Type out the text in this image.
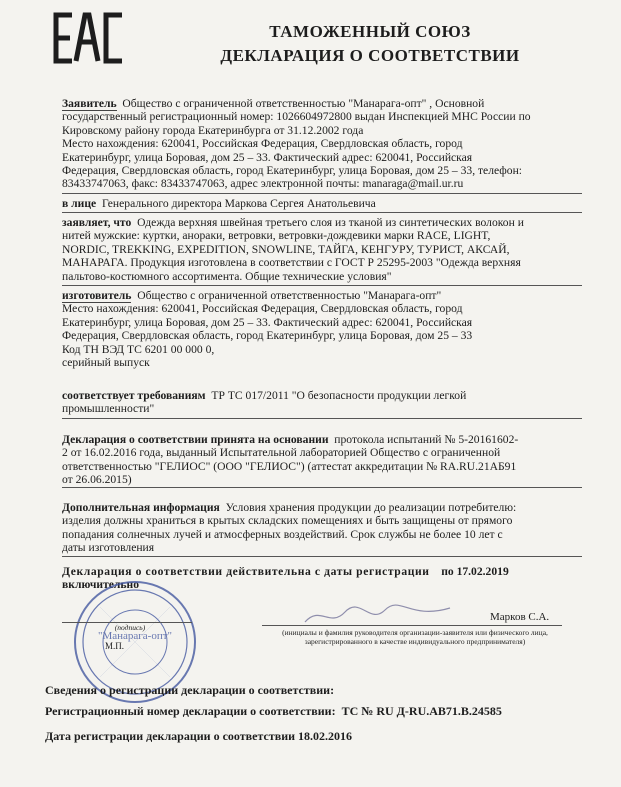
ТАМОЖЕННЫЙ СОЮЗ
ДЕКЛАРАЦИЯ О СООТВЕТСТВИИ
Заявитель Общество с ограниченной ответственностью "Манарага-опт" , Основной
государственный регистрационный номер: 1026604972800 выдан Инспекцией МНС России по
Кировскому району города Екатеринбурга от 31.12.2002 года
Место нахождения: 620041, Российская Федерация, Свердловская область, город
Екатеринбург, улица Боровая, дом 25 – 33. Фактический адрес: 620041, Российская
Федерация, Свердловская область, город Екатеринбург, улица Боровая, дом 25 – 33, телефон:
83433747063, факс: 83433747063, адрес электронной почты: manaraga@mail.ur.ru
в лице Генерального директора Маркова Сергея Анатольевича
заявляет, что Одежда верхняя швейная третьего слоя из тканой из синтетических волокон и
нитей мужские: куртки, анораки, ветровки, ветровки-дождевики марки RACE, LIGHT,
NORDIC, TREKKING, EXPEDITION, SNOWLINE, ТАЙГА, КЕНГУРУ, ТУРИСТ, АКСАЙ,
МАНАРАГА. Продукция изготовлена в соответствии с ГОСТ Р 25295-2003 "Одежда верхняя
пальтово-костюмного ассортимента. Общие технические условия"
изготовитель Общество с ограниченной ответственностью "Манарага-опт"
Место нахождения: 620041, Российская Федерация, Свердловская область, город
Екатеринбург, улица Боровая, дом 25 – 33. Фактический адрес: 620041, Российская
Федерация, Свердловская область, город Екатеринбург, улица Боровая, дом 25 – 33
Код ТН ВЭД ТС 6201 00 000 0,
серийный выпуск
соответствует требованиям ТР ТС 017/2011 "О безопасности продукции легкой
промышленности"
Декларация о соответствии принята на основании протокола испытаний № 5-20161602-
2 от 16.02.2016 года, выданный Испытательной лабораторией Общество с ограниченной
ответственностью "ГЕЛИОС" (ООО "ГЕЛИОС") (аттестат аккредитации № RA.RU.21АБ91
от 26.06.2015)
Дополнительная информация Условия хранения продукции до реализации потребителю:
изделия должны храниться в крытых складских помещениях и быть защищены от прямого
попадания солнечных лучей и атмосферных воздействий. Срок службы не более 10 лет с
даты изготовления
Декларация о соответствии действительна с даты регистрации по 17.02.2019
включительно
"Манарага-опт"
(подпись)
М.П.
Марков С.А.
(инициалы и фамилия руководителя организации-заявителя или физического лица,
зарегистрированного в качестве индивидуального предпринимателя)
Сведения о регистрации декларации о соответствии:
Регистрационный номер декларации о соответствии: ТС № RU Д-RU.АВ71.В.24585
Дата регистрации декларации о соответствии 18.02.2016
